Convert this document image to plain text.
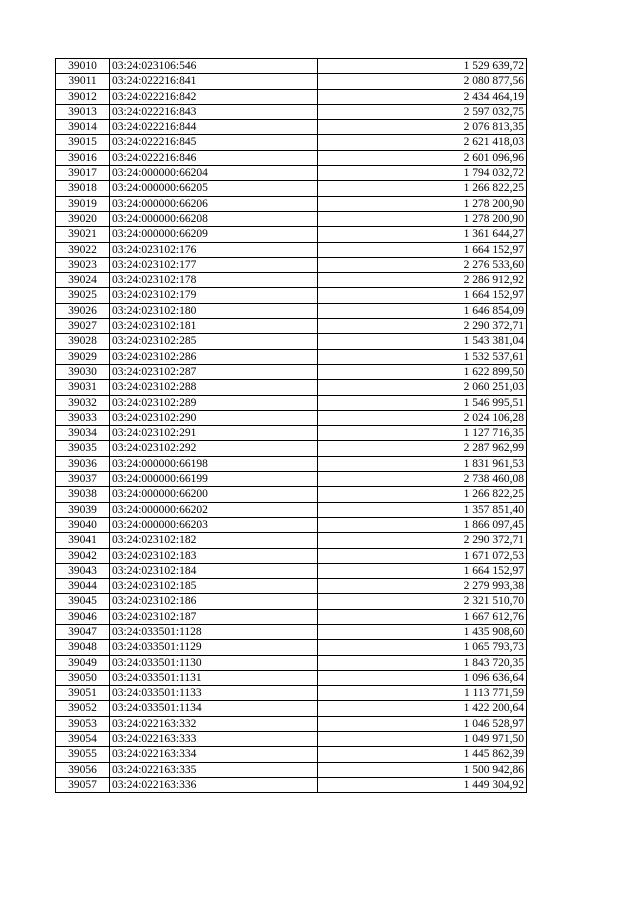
39010	03:24:023106:546	1 529 639,72
39011	03:24:022216:841	2 080 877,56
39012	03:24:022216:842	2 434 464,19
39013	03:24:022216:843	2 597 032,75
39014	03:24:022216:844	2 076 813,35
39015	03:24:022216:845	2 621 418,03
39016	03:24:022216:846	2 601 096,96
39017	03:24:000000:66204	1 794 032,72
39018	03:24:000000:66205	1 266 822,25
39019	03:24:000000:66206	1 278 200,90
39020	03:24:000000:66208	1 278 200,90
39021	03:24:000000:66209	1 361 644,27
39022	03:24:023102:176	1 664 152,97
39023	03:24:023102:177	2 276 533,60
39024	03:24:023102:178	2 286 912,92
39025	03:24:023102:179	1 664 152,97
39026	03:24:023102:180	1 646 854,09
39027	03:24:023102:181	2 290 372,71
39028	03:24:023102:285	1 543 381,04
39029	03:24:023102:286	1 532 537,61
39030	03:24:023102:287	1 622 899,50
39031	03:24:023102:288	2 060 251,03
39032	03:24:023102:289	1 546 995,51
39033	03:24:023102:290	2 024 106,28
39034	03:24:023102:291	1 127 716,35
39035	03:24:023102:292	2 287 962,99
39036	03:24:000000:66198	1 831 961,53
39037	03:24:000000:66199	2 738 460,08
39038	03:24:000000:66200	1 266 822,25
39039	03:24:000000:66202	1 357 851,40
39040	03:24:000000:66203	1 866 097,45
39041	03:24:023102:182	2 290 372,71
39042	03:24:023102:183	1 671 072,53
39043	03:24:023102:184	1 664 152,97
39044	03:24:023102:185	2 279 993,38
39045	03:24:023102:186	2 321 510,70
39046	03:24:023102:187	1 667 612,76
39047	03:24:033501:1128	1 435 908,60
39048	03:24:033501:1129	1 065 793,73
39049	03:24:033501:1130	1 843 720,35
39050	03:24:033501:1131	1 096 636,64
39051	03:24:033501:1133	1 113 771,59
39052	03:24:033501:1134	1 422 200,64
39053	03:24:022163:332	1 046 528,97
39054	03:24:022163:333	1 049 971,50
39055	03:24:022163:334	1 445 862,39
39056	03:24:022163:335	1 500 942,86
39057	03:24:022163:336	1 449 304,92
